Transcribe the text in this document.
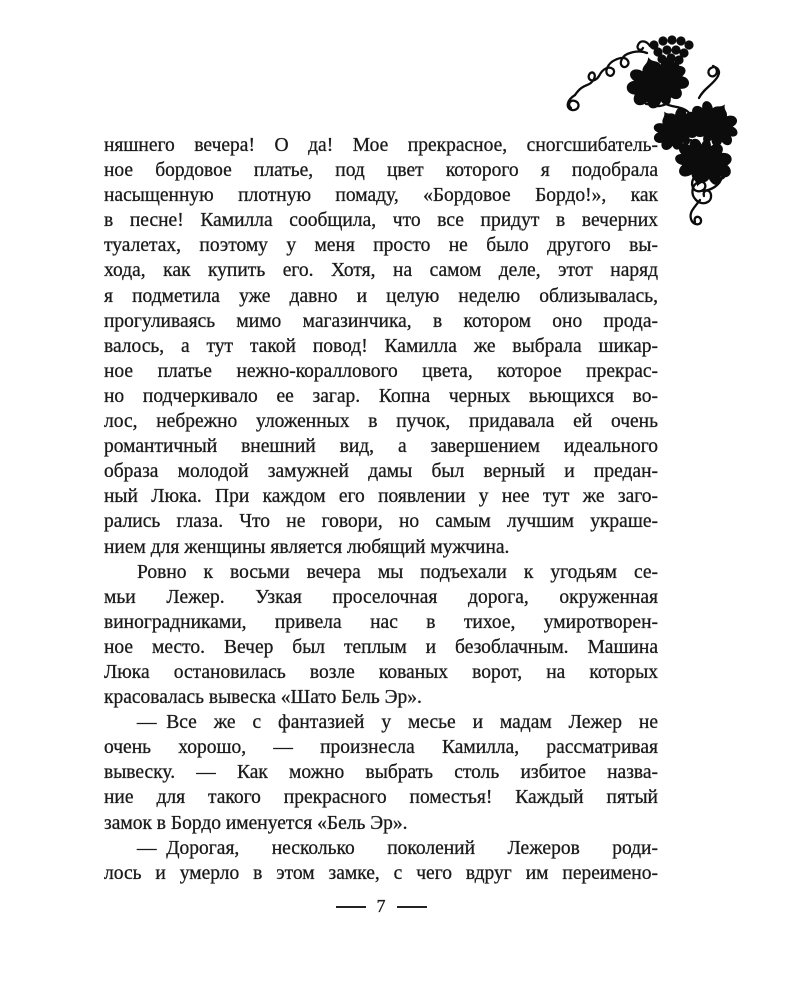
няшнего вечера! О да! Мое прекрасное, сногсшибатель-
ное бордовое платье, под цвет которого я подобрала
насыщенную плотную помаду, «Бордовое Бордо!», как
в песне! Камилла сообщила, что все придут в вечерних
туалетах, поэтому у меня просто не было другого вы-
хода, как купить его. Хотя, на самом деле, этот наряд
я подметила уже давно и целую неделю облизывалась,
прогуливаясь мимо магазинчика, в котором оно прода-
валось, а тут такой повод! Камилла же выбрала шикар-
ное платье нежно-кораллового цвета, которое прекрас-
но подчеркивало ее загар. Копна черных вьющихся во-
лос, небрежно уложенных в пучок, придавала ей очень
романтичный внешний вид, а завершением идеального
образа молодой замужней дамы был верный и предан-
ный Люка. При каждом его появлении у нее тут же заго-
рались глаза. Что не говори, но самым лучшим украше-
нием для женщины является любящий мужчина.
Ровно к восьми вечера мы подъехали к угодьям се-
мьи Лежер. Узкая проселочная дорога, окруженная
виноградниками, привела нас в тихое, умиротворен-
ное место. Вечер был теплым и безоблачным. Машина
Люка остановилась возле кованых ворот, на которых
красовалась вывеска «Шато Бель Эр».
— Все же с фантазией у месье и мадам Лежер не
очень хорошо, — произнесла Камилла, рассматривая
вывеску. — Как можно выбрать столь избитое назва-
ние для такого прекрасного поместья! Каждый пятый
замок в Бордо именуется «Бель Эр».
— Дорогая, несколько поколений Лежеров роди-
лось и умерло в этом замке, с чего вдруг им переимено-
7
